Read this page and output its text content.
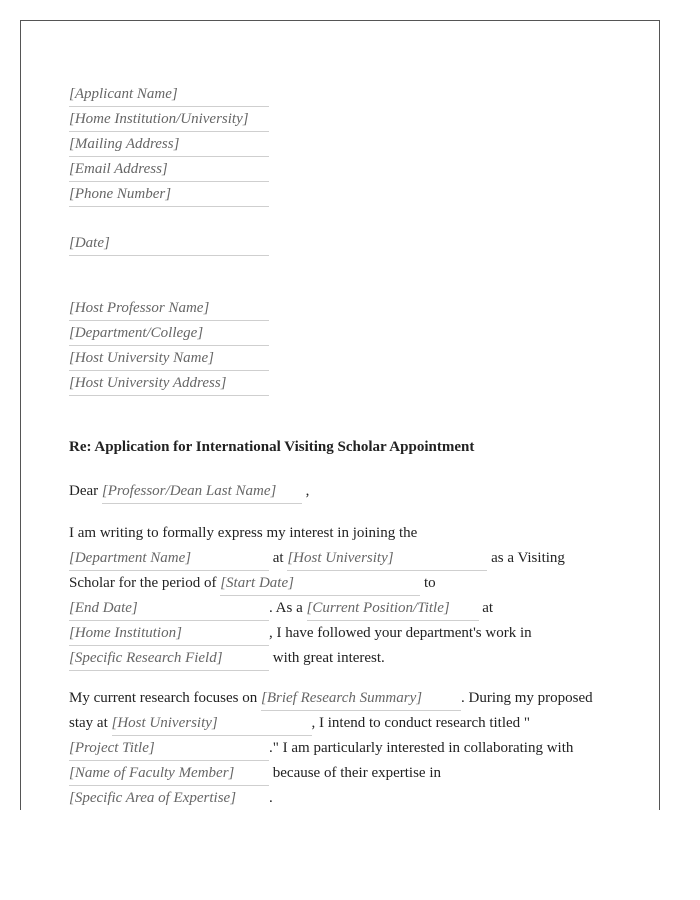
[Applicant Name]
[Home Institution/University]
[Mailing Address]
[Email Address]
[Phone Number]
[Date]
[Host Professor Name]
[Department/College]
[Host University Name]
[Host University Address]
Re: Application for International Visiting Scholar Appointment
Dear [Professor/Dean Last Name] ,
I am writing to formally express my interest in joining the
[Department Name]	at [Host University]	as a Visiting Scholar for the period of [Start Date]	to
[End Date]	. As a [Current Position/Title] at
[Home Institution]	, I have followed your department's work in
[Specific Research Field]	with great interest.
My current research focuses on [Brief Research Summary]	. During my proposed stay at [Host University]	, I intend to conduct research titled "
[Project Title]	." I am particularly interested in collaborating with
[Name of Faculty Member]	because of their expertise in
[Specific Area of Expertise] .
